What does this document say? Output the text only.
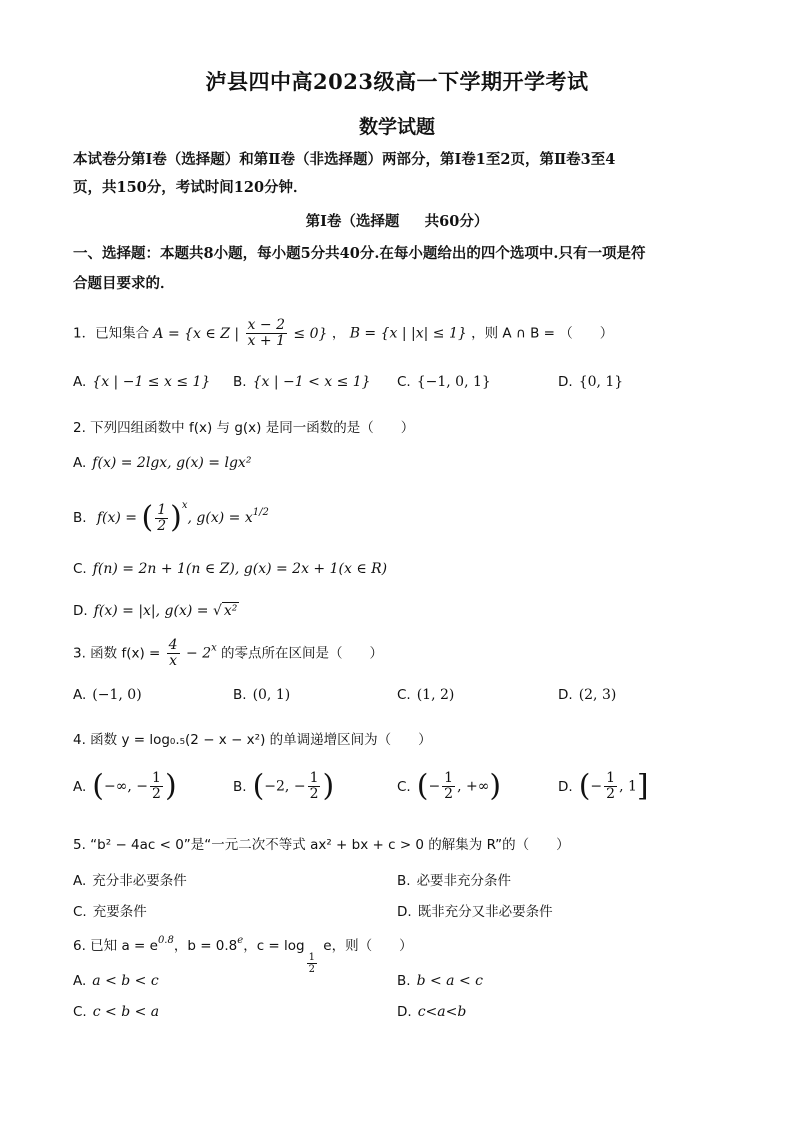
泸县四中高2023级高一下学期开学考试
数学试题
本试卷分第Ⅰ卷（选择题）和第Ⅱ卷（非选择题）两部分，第Ⅰ卷1至2页，第Ⅱ卷3至4
页，共150分，考试时间120分钟．
第Ⅰ卷（选择题     共60分）
一、选择题：本题共8小题，每小题5分共40分.在每小题给出的四个选项中.只有一项是符
合题目要求的．
1．已知集合 A = {x ∈ Z | $\frac{x - 2}{x + 1} \le 0$} ， B = {x | |x| ≤ 1} ，则 A ∩ B = （　　）
A. {x | −1 ≤ x ≤ 1} B. {x | −1 < x ≤ 1} C. {−1, 0, 1}	D. {0, 1}
2. 下列四组函数中 f(x) 与 g(x) 是同一函数的是（　　）
A. f(x) = 2lgx, g(x) = lgx²
B. f(x) = ( $\frac{1}{2} )^x$, $g(x) = x^{1/2}$
C. f(n) = 2n + 1(n ∈ Z), g(x) = 2x + 1(x ∈ R)
D. f(x) = |x|, g(x) = √ x²
3. 函数 $f(x) = \frac{4}{x} - 2^x$ 的零点所在区间是（　　）
A. (−1, 0)	B. (0, 1)	C. (1, 2)	D. (2, 3)
4. 函数 y = log₀.₅(2 − x − x²) 的单调递增区间为（　　）
A. (−∞, − $\frac{1}{2}$ )	B. (−2, − $\frac{1}{2}$ )	C. (− $\frac{1}{2}$ , +∞)	D. (− $\frac{1}{2}$ , 1]
5. “b² − 4ac < 0”是“一元二次不等式 ax² + bx + c > 0 的解集为 R”的（　　）
A. 充分非必要条件	B. 必要非充分条件
C. 充要条件	D. 既非充分又非必要条件
6. 已知 $a = e^{0.8}$，b = 0.8$^e$，c = log
$\frac{1}{2}$
e，则（　　）
A. a < b < c	B. b < a < c
C. c < b < a	D. c<a<b
